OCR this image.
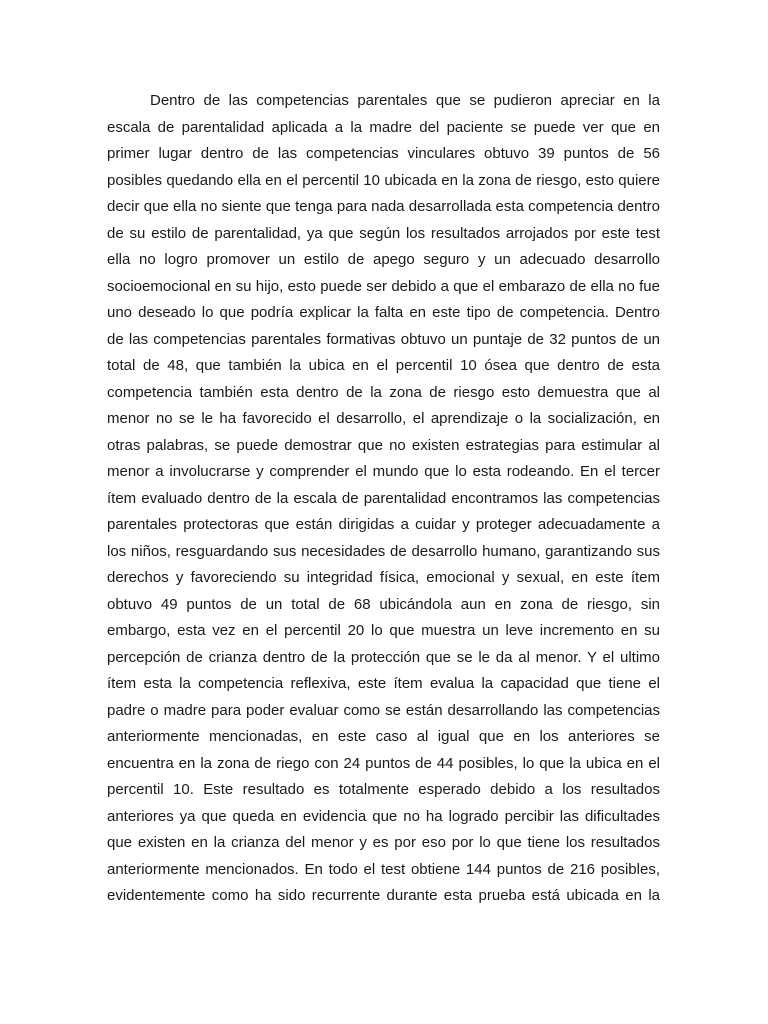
Dentro de las competencias parentales que se pudieron apreciar en la
escala de parentalidad aplicada a la madre del paciente se puede ver que en
primer lugar dentro de las competencias vinculares obtuvo 39 puntos de 56
posibles quedando ella en el percentil 10 ubicada en la zona de riesgo, esto quiere
decir que ella no siente que tenga para nada desarrollada esta competencia dentro
de su estilo de parentalidad, ya que según los resultados arrojados por este test
ella no logro promover un estilo de apego seguro y un adecuado desarrollo
socioemocional en su hijo, esto puede ser debido a que el embarazo de ella no fue
uno deseado lo que podría explicar la falta en este tipo de competencia. Dentro
de las competencias parentales formativas obtuvo un puntaje de 32 puntos de un
total de 48, que también la ubica en el percentil 10 ósea que dentro de esta
competencia también esta dentro de la zona de riesgo esto demuestra que al
menor no se le ha favorecido el desarrollo, el aprendizaje o la socialización, en
otras palabras, se puede demostrar que no existen estrategias para estimular al
menor a involucrarse y comprender el mundo que lo esta rodeando. En el tercer
ítem evaluado dentro de la escala de parentalidad encontramos las competencias
parentales protectoras que están dirigidas a cuidar y proteger adecuadamente a
los niños, resguardando sus necesidades de desarrollo humano, garantizando sus
derechos y favoreciendo su integridad física, emocional y sexual, en este ítem
obtuvo 49 puntos de un total de 68 ubicándola aun en zona de riesgo, sin
embargo, esta vez en el percentil 20 lo que muestra un leve incremento en su
percepción de crianza dentro de la protección que se le da al menor. Y el ultimo
ítem esta la competencia reflexiva, este ítem evalua la capacidad que tiene el
padre o madre para poder evaluar como se están desarrollando las competencias
anteriormente mencionadas, en este caso al igual que en los anteriores se
encuentra en la zona de riego con 24 puntos de 44 posibles, lo que la ubica en el
percentil 10. Este resultado es totalmente esperado debido a los resultados
anteriores ya que queda en evidencia que no ha logrado percibir las dificultades
que existen en la crianza del menor y es por eso por lo que tiene los resultados
anteriormente mencionados. En todo el test obtiene 144 puntos de 216 posibles,
evidentemente como ha sido recurrente durante esta prueba está ubicada en la
